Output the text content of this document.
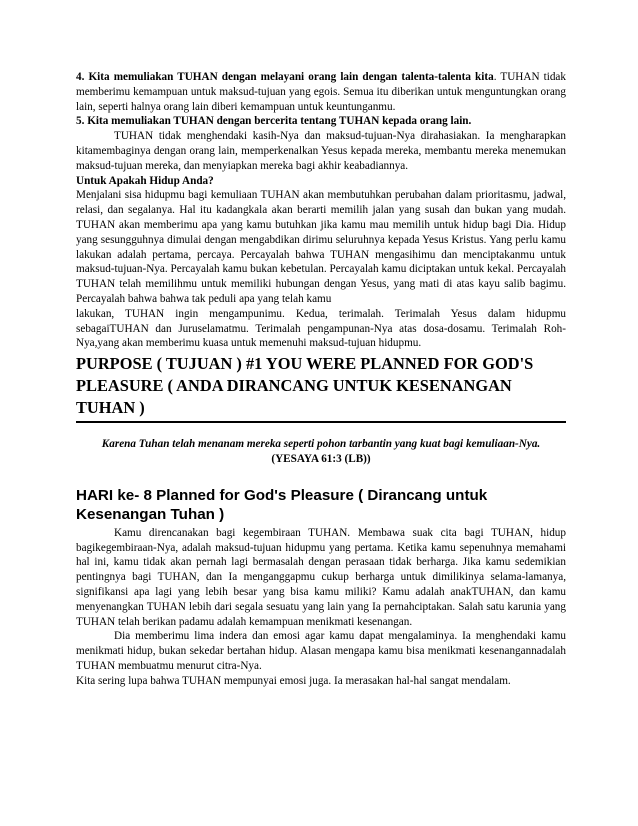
4. Kita memuliakan TUHAN dengan melayani orang lain dengan talenta-talenta kita. TUHAN tidak memberimu kemampuan untuk maksud-tujuan yang egois. Semua itu diberikan untuk menguntungkan orang lain, seperti halnya orang lain diberi kemampuan untuk keuntunganmu.

5. Kita memuliakan TUHAN dengan bercerita tentang TUHAN kepada orang lain.

TUHAN tidak menghendaki kasih-Nya dan maksud-tujuan-Nya dirahasiakan. Ia mengharapkan kitamembaginya dengan orang lain, memperkenalkan Yesus kepada mereka, membantu mereka menemukan maksud-tujuan mereka, dan menyiapkan mereka bagi akhir keabadiannya.

Untuk Apakah Hidup Anda?

Menjalani sisa hidupmu bagi kemuliaan TUHAN akan membutuhkan perubahan dalam prioritasmu, jadwal, relasi, dan segalanya. Hal itu kadangkala akan berarti memilih jalan yang susah dan bukan yang mudah. TUHAN akan memberimu apa yang kamu butuhkan jika kamu mau memilih untuk hidup bagi Dia. Hidup yang sesungguhnya dimulai dengan mengabdikan dirimu seluruhnya kepada Yesus Kristus. Yang perlu kamu lakukan adalah pertama, percaya. Percayalah bahwa TUHAN mengasihimu dan menciptakanmu untuk maksud-tujuan-Nya. Percayalah kamu bukan kebetulan. Percayalah kamu diciptakan untuk kekal. Percayalah TUHAN telah memilihmu untuk memiliki hubungan dengan Yesus, yang mati di atas kayu salib bagimu. Percayalah bahwa bahwa tak peduli apa yang telah kamu

lakukan, TUHAN ingin mengampunimu. Kedua, terimalah. Terimalah Yesus dalam hidupmu sebagaiTUHAN dan Juruselamatmu. Terimalah pengampunan-Nya atas dosa-dosamu. Terimalah Roh-Nya,yang akan memberimu kuasa untuk memenuhi maksud-tujuan hidupmu.

PURPOSE ( TUJUAN ) #1 YOU WERE PLANNED FOR GOD'S
PLEASURE ( ANDA DIRANCANG UNTUK KESENANGAN
TUHAN )

Karena Tuhan telah menanam mereka seperti pohon tarbantin yang kuat bagi kemuliaan-Nya.

(YESAYA 61:3 (LB))

HARI ke- 8 Planned for God's Pleasure ( Dirancang untuk Kesenangan Tuhan )

Kamu direncanakan bagi kegembiraan TUHAN. Membawa suak cita bagi TUHAN, hidup bagikegembiraan-Nya, adalah maksud-tujuan hidupmu yang pertama. Ketika kamu sepenuhnya memahami hal ini, kamu tidak akan pernah lagi bermasalah dengan perasaan tidak berharga. Jika kamu sedemikian pentingnya bagi TUHAN, dan Ia menganggapmu cukup berharga untuk dimilikinya selama-lamanya, signifikansi apa lagi yang lebih besar yang bisa kamu miliki? Kamu adalah anakTUHAN, dan kamu menyenangkan TUHAN lebih dari segala sesuatu yang lain yang Ia pernahciptakan. Salah satu karunia yang TUHAN telah berikan padamu adalah kemampuan menikmati kesenangan.

Dia memberimu lima indera dan emosi agar kamu dapat mengalaminya. Ia menghendaki kamu menikmati hidup, bukan sekedar bertahan hidup. Alasan mengapa kamu bisa menikmati kesenangannadalah TUHAN membuatmu menurut citra-Nya.

Kita sering lupa bahwa TUHAN mempunyai emosi juga. Ia merasakan hal-hal sangat mendalam.
